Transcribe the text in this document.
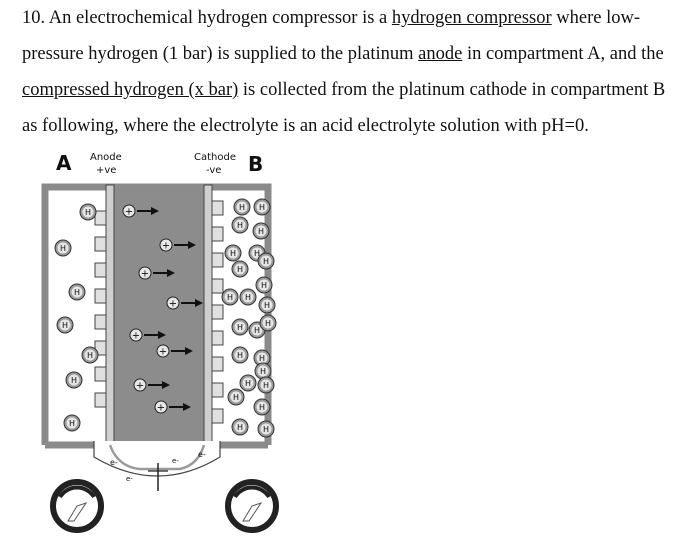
10. An electrochemical hydrogen compressor is a hydrogen compressor where low-
pressure hydrogen (1 bar) is supplied to the platinum anode in compartment A, and the
compressed hydrogen (x bar) is collected from the platinum cathode in compartment B
as following, where the electrolyte is an acid electrolyte solution with pH=0.
A Anode
+ve
Cathode
-ve B
+
+
+
+
+
+
+
+
H
H
H
H
H
H
H
H H
H
H
H H
H
H
H
H H
H
H H
H
H H
H
H H
H
H
H H
e-
e-
e-
e-
